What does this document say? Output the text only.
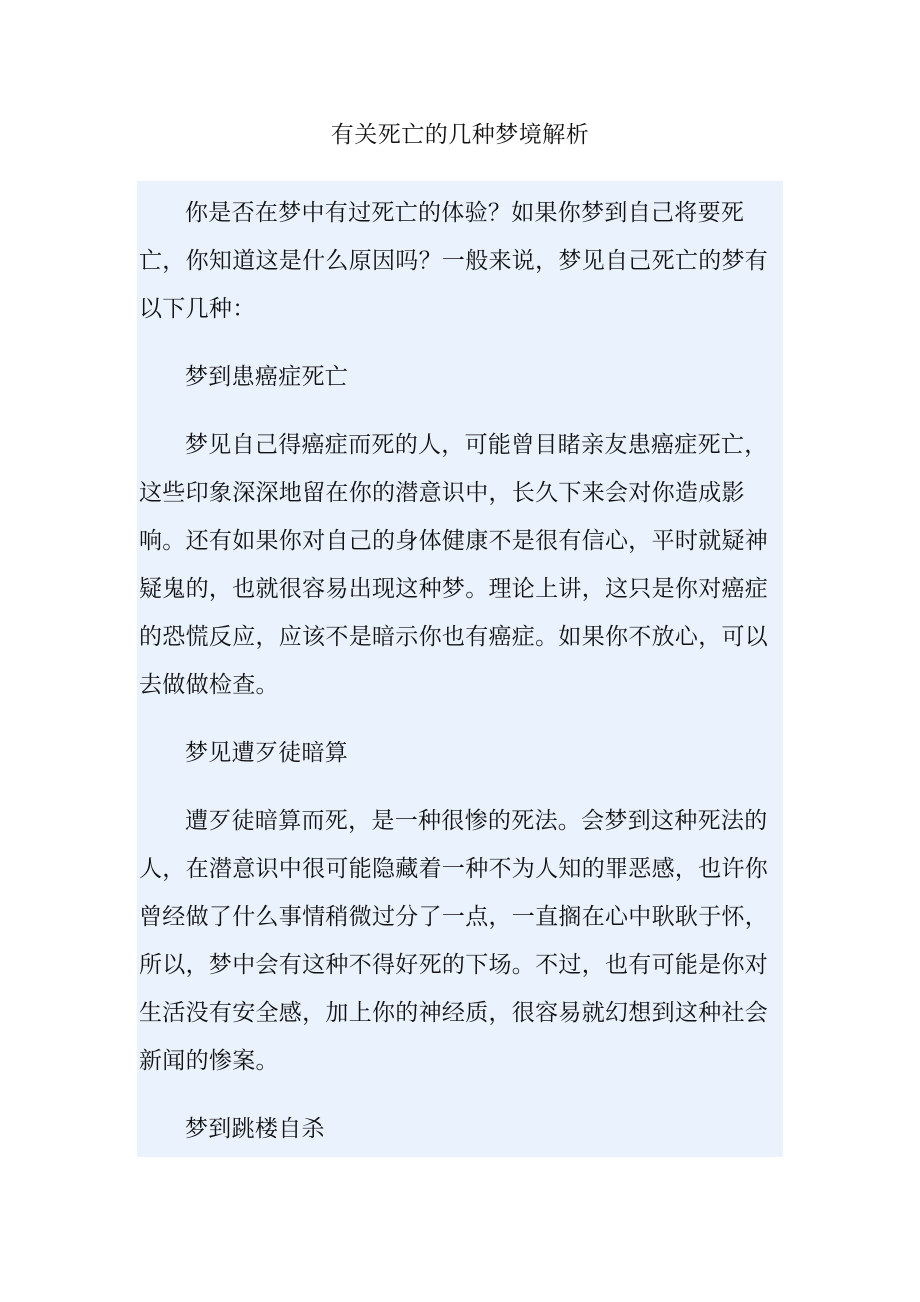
有关死亡的几种梦境解析

你是否在梦中有过死亡的体验？如果你梦到自己将要死亡，你知道这是什么原因吗？一般来说，梦见自己死亡的梦有以下几种：

梦到患癌症死亡

梦见自己得癌症而死的人，可能曾目睹亲友患癌症死亡，这些印象深深地留在你的潜意识中，长久下来会对你造成影响。还有如果你对自己的身体健康不是很有信心，平时就疑神疑鬼的，也就很容易出现这种梦。理论上讲，这只是你对癌症的恐慌反应，应该不是暗示你也有癌症。如果你不放心，可以去做做检查。

梦见遭歹徒暗算

遭歹徒暗算而死，是一种很惨的死法。会梦到这种死法的人，在潜意识中很可能隐藏着一种不为人知的罪恶感，也许你曾经做了什么事情稍微过分了一点，一直搁在心中耿耿于怀，所以，梦中会有这种不得好死的下场。不过，也有可能是你对生活没有安全感，加上你的神经质，很容易就幻想到这种社会新闻的惨案。

梦到跳楼自杀
